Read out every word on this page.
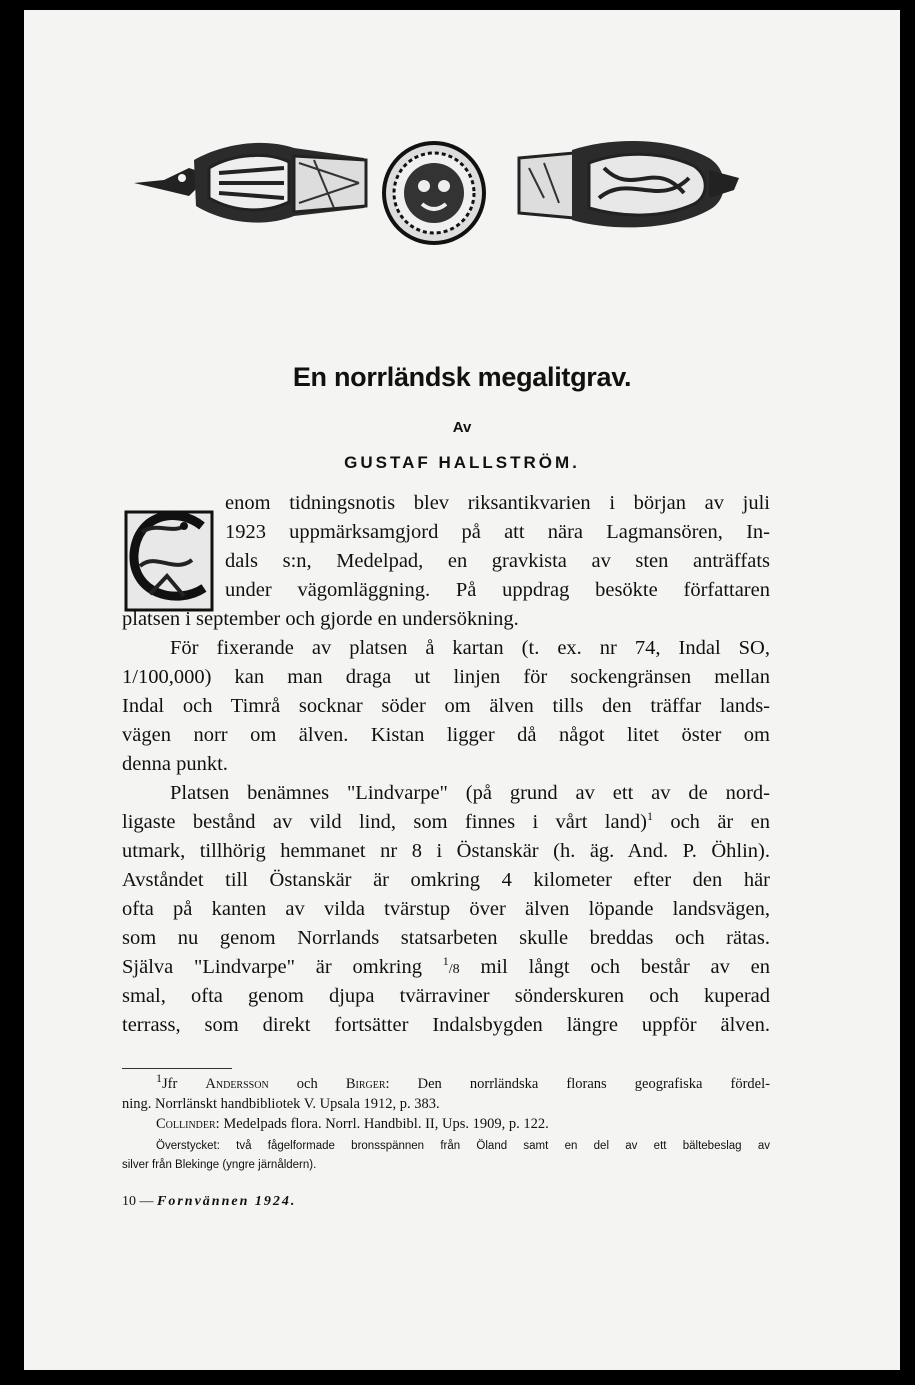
En norrländsk megalitgrav.
Av
GUSTAF HALLSTRÖM.

enom tidningsnotis blev riksantikvarien i början av juli

1923 uppmärksamgjord på att nära Lagmansören, In-

dals s:n, Medelpad, en gravkista av sten anträffats

under vägomläggning. På uppdrag besökte författaren

platsen i september och gjorde en undersökning.

För fixerande av platsen å kartan (t. ex. nr 74, Indal SO,

1/100,000) kan man draga ut linjen för sockengränsen mellan

Indal och Timrå socknar söder om älven tills den träffar lands-

vägen norr om älven. Kistan ligger då något litet öster om

denna punkt.

Platsen benämnes "Lindvarpe" (på grund av ett av de nord-

ligaste bestånd av vild lind, som finnes i vårt land)$^1$ och är en

utmark, tillhörig hemmanet nr 8 i Östanskär (h. äg. And. P. Öhlin).

Avståndet till Östanskär är omkring 4 kilometer efter den här

ofta på kanten av vilda tvärstup över älven löpande landsvägen,

som nu genom Norrlands statsarbeten skulle breddas och rätas.

Själva "Lindvarpe" är omkring $^1$/8 mil långt och består av en

smal, ofta genom djupa tvärraviner sönderskuren och kuperad

terrass, som direkt fortsätter Indalsbygden längre uppför älven.

$^1$Jfr Andersson och Birger: Den norrländska florans geografiska fördel-

ning. Norrlänskt handbibliotek V. Upsala 1912, p. 383.

Collinder: Medelpads flora. Norrl. Handbibl. II, Ups. 1909, p. 122.

Överstycket: två fågelformade bronsspännen från Öland samt en del av ett bältebeslag av

silver från Blekinge (yngre järnåldern).

10 — Fornvännen 1924.
